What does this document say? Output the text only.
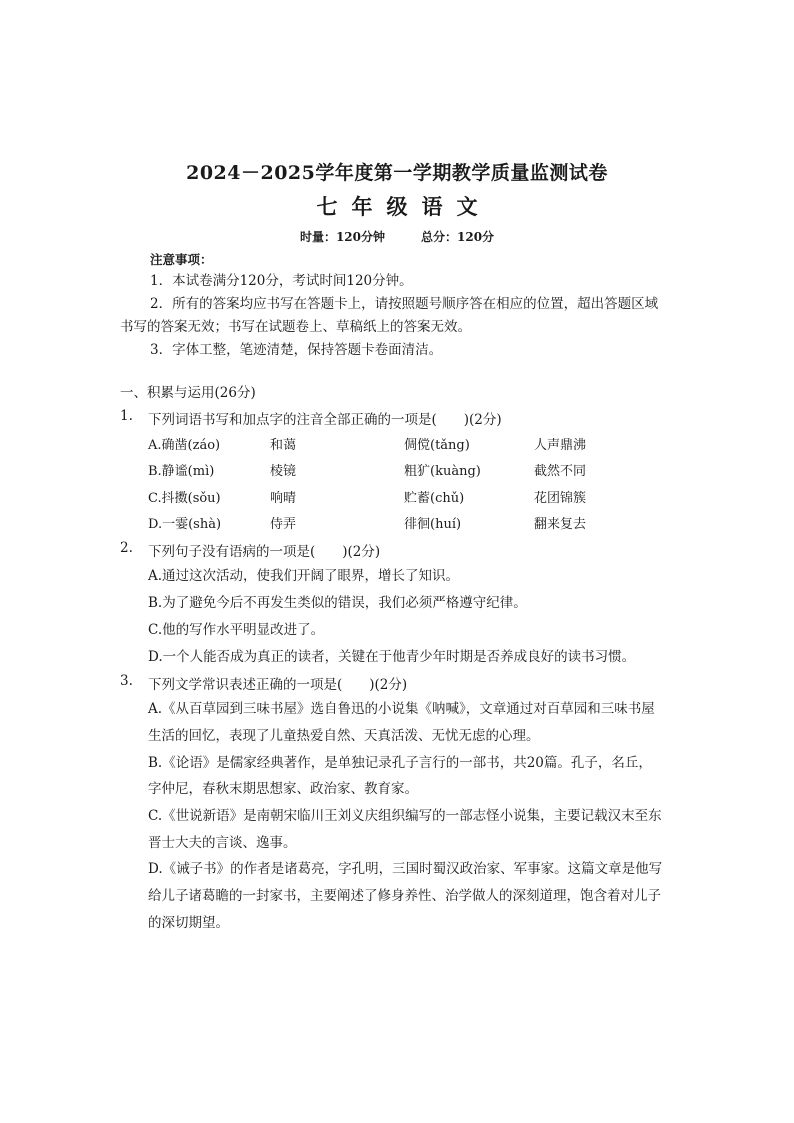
2024－2025学年度第一学期教学质量监测试卷
七年级语文
时量：120分钟	总分：120分
注意事项：
1．本试卷满分120分，考试时间120分钟。
2．所有的答案均应书写在答题卡上，请按照题号顺序答在相应的位置，超出答题区域
书写的答案无效；书写在试题卷上、草稿纸上的答案无效。
3．字体工整，笔迹清楚，保持答题卡卷面清洁。
一、积累与运用(26分)
1. 下列词语书写和加点字的注音全部正确的一项是(　　)(2分)
A.确凿(záo)	和蔼	倜傥(tǎng)	人声鼎沸
B.静谧(mì)	棱镜	粗犷(kuàng)	截然不同
C.抖擞(sǒu)	响晴	贮蓄(chǔ)	花团锦簇
D.一霎(shà)	侍弄	徘徊(huí)	翻来复去
2. 下列句子没有语病的一项是(　　)(2分)
A.通过这次活动，使我们开阔了眼界，增长了知识。
B.为了避免今后不再发生类似的错误，我们必须严格遵守纪律。
C.他的写作水平明显改进了。
D.一个人能否成为真正的读者，关键在于他青少年时期是否养成良好的读书习惯。
3. 下列文学常识表述正确的一项是(　　)(2分)
A.《从百草园到三味书屋》选自鲁迅的小说集《呐喊》，文章通过对百草园和三味书屋
生活的回忆，表现了儿童热爱自然、天真活泼、无忧无虑的心理。
B.《论语》是儒家经典著作，是单独记录孔子言行的一部书，共20篇。孔子，名丘，
字仲尼，春秋末期思想家、政治家、教育家。
C.《世说新语》是南朝宋临川王刘义庆组织编写的一部志怪小说集，主要记载汉末至东
晋士大夫的言谈、逸事。
D.《诫子书》的作者是诸葛亮，字孔明，三国时蜀汉政治家、军事家。这篇文章是他写
给儿子诸葛瞻的一封家书，主要阐述了修身养性、治学做人的深刻道理，饱含着对儿子
的深切期望。
